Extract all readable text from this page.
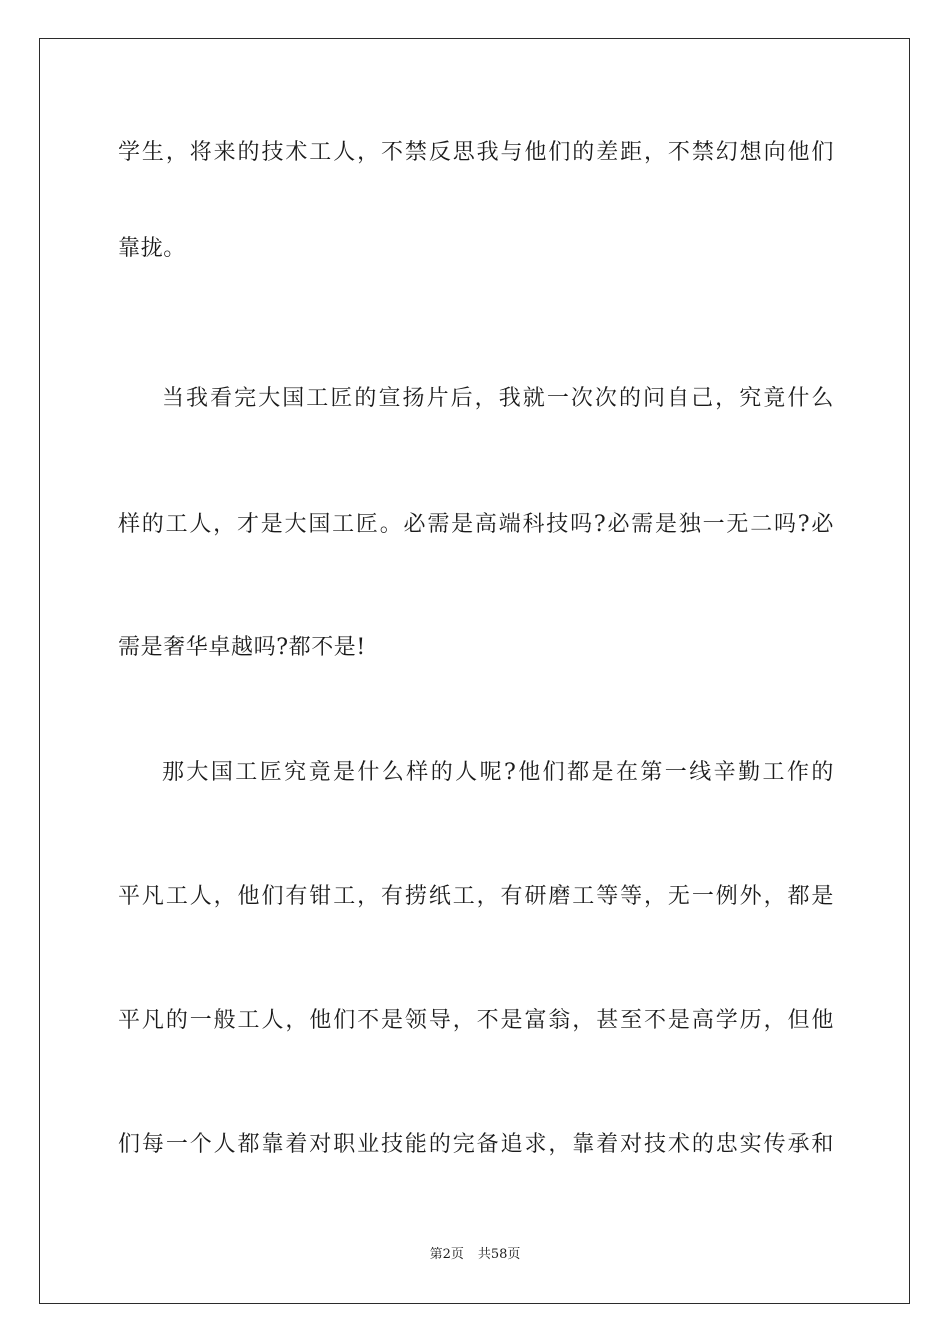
学生，将来的技术工人，不禁反思我与他们的差距，不禁幻想向他们
靠拢。
当我看完大国工匠的宣扬片后，我就一次次的问自己，究竟什么
样的工人，才是大国工匠。必需是高端科技吗?必需是独一无二吗?必
需是奢华卓越吗?都不是!
那大国工匠究竟是什么样的人呢?他们都是在第一线辛勤工作的
平凡工人，他们有钳工，有捞纸工，有研磨工等等，无一例外，都是
平凡的一般工人，他们不是领导，不是富翁，甚至不是高学历，但他
们每一个人都靠着对职业技能的完备追求，靠着对技术的忠实传承和
第2页 共58页
